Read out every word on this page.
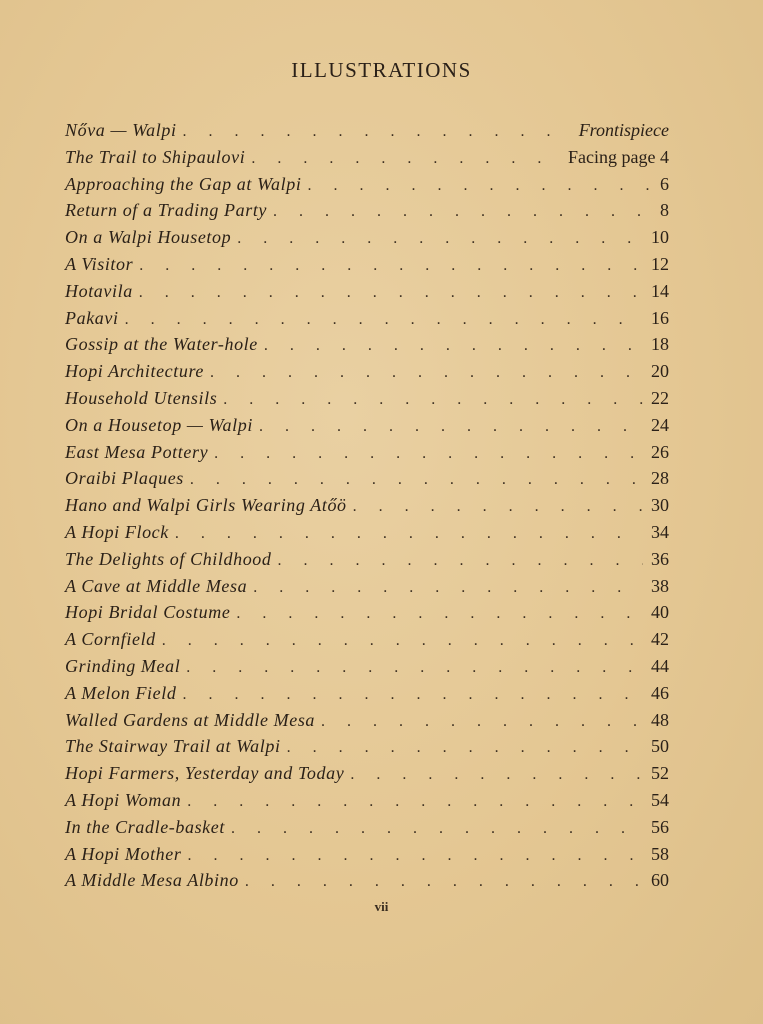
ILLUSTRATIONS
Nőva — Walpi . . .	Frontispiece
The Trail to Shipaulovi . . .	Facing page 4
Approaching the Gap at Walpi . . .	6
Return of a Trading Party . . .	8
On a Walpi Housetop . . .	10
A Visitor . . .	12
Hotavila . . .	14
Pakavi . . .	16
Gossip at the Water-hole . . .	18
Hopi Architecture . . .	20
Household Utensils . . .	22
On a Housetop — Walpi . . .	24
East Mesa Pottery . . .	26
Oraibi Plaques . . .	28
Hano and Walpi Girls Wearing Atőö . . .	30
A Hopi Flock . . .	34
The Delights of Childhood . . .	36
A Cave at Middle Mesa . . .	38
Hopi Bridal Costume . . .	40
A Cornfield . . .	42
Grinding Meal . . .	44
A Melon Field . . .	46
Walled Gardens at Middle Mesa . . .	48
The Stairway Trail at Walpi . . .	50
Hopi Farmers, Yesterday and Today . . .	52
A Hopi Woman . . .	54
In the Cradle-basket . . .	56
A Hopi Mother . . .	58
A Middle Mesa Albino . . .	60
vii
